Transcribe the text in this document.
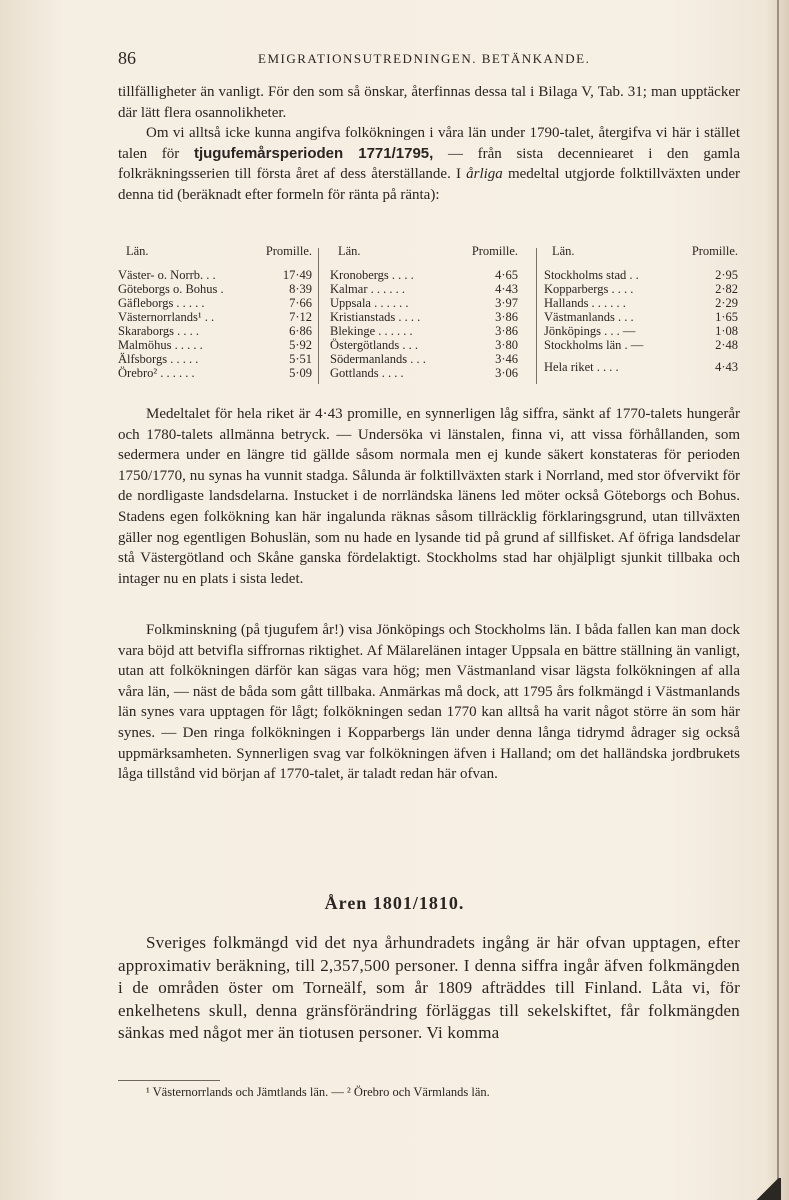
86	EMIGRATIONSUTREDNINGEN. BETÄNKANDE.

tillfälligheter än vanligt. För den som så önskar, återfinnas dessa tal i Bilaga V, Tab. 31; man upptäcker där lätt flera osannolikheter.

Om vi alltså icke kunna angifva folkökningen i våra län under 1790-talet, återgifva vi här i stället talen för tjugufemårsperioden 1771/1795, — från sista decenniearet i den gamla folkräkningsserien till första året af dess återställande. I årliga medeltal utgjorde folktillväxten under denna tid (beräknadt efter formeln för ränta på ränta):

Län.	Promille.
Väster- o. Norrb. . .	17·49
Göteborgs o. Bohus .	8·39
Gäfleborgs . . . . .	7·66
Västernorrlands¹ . .	7·12
Skaraborgs . . . .	6·86
Malmöhus . . . . .	5·92
Älfsborgs . . . . .	5·51
Örebro² . . . . . .	5·09
Län.	Promille.
Kronobergs . . . .	4·65
Kalmar . . . . . .	4·43
Uppsala . . . . . .	3·97
Kristianstads . . . .	3·86
Blekinge . . . . . .	3·86
Östergötlands . . .	3·80
Södermanlands . . .	3·46
Gottlands . . . .	3·06
Län.	Promille.
Stockholms stad . .	2·95
Kopparbergs . . . .	2·82
Hallands . . . . . .	2·29
Västmanlands . . .	1·65
Jönköpings . . . —	1·08
Stockholms län . —	2·48
Hela riket . . . .	4·43

Medeltalet för hela riket är 4·43 promille, en synnerligen låg siffra, sänkt af 1770-talets hungerår och 1780-talets allmänna betryck. — Undersöka vi länstalen, finna vi, att vissa förhållanden, som sedermera under en längre tid gällde såsom normala men ej kunde säkert konstateras för perioden 1750/1770, nu synas ha vunnit stadga. Sålunda är folktillväxten stark i Norrland, med stor öfvervikt för de nordligaste landsdelarna. Instucket i de norrländska länens led möter också Göteborgs och Bohus. Stadens egen folkökning kan här ingalunda räknas såsom tillräcklig förklaringsgrund, utan tillväxten gäller nog egentligen Bohuslän, som nu hade en lysande tid på grund af sillfisket. Af öfriga landsdelar stå Västergötland och Skåne ganska fördelaktigt. Stockholms stad har ohjälpligt sjunkit tillbaka och intager nu en plats i sista ledet.

Folkminskning (på tjugufem år!) visa Jönköpings och Stockholms län. I båda fallen kan man dock vara böjd att betvifla siffrornas riktighet. Af Mälarelänen intager Uppsala en bättre ställning än vanligt, utan att folkökningen därför kan sägas vara hög; men Västmanland visar lägsta folkökningen af alla våra län, — näst de båda som gått tillbaka. Anmärkas må dock, att 1795 års folkmängd i Västmanlands län synes vara upptagen för lågt; folkökningen sedan 1770 kan alltså ha varit något större än som här synes. — Den ringa folkökningen i Kopparbergs län under denna långa tidrymd ådrager sig också uppmärksamheten. Synnerligen svag var folkökningen äfven i Halland; om det halländska jordbrukets låga tillstånd vid början af 1770-talet, är taladt redan här ofvan.

Åren 1801/1810.

Sveriges folkmängd vid det nya århundradets ingång är här ofvan upptagen, efter approximativ beräkning, till 2,357,500 personer. I denna siffra ingår äfven folkmängden i de områden öster om Torneälf, som år 1809 afträddes till Finland. Låta vi, för enkelhetens skull, denna gränsförändring förläggas till sekelskiftet, får folkmängden sänkas med något mer än tiotusen personer. Vi komma

¹ Västernorrlands och Jämtlands län. — ² Örebro och Värmlands län.
